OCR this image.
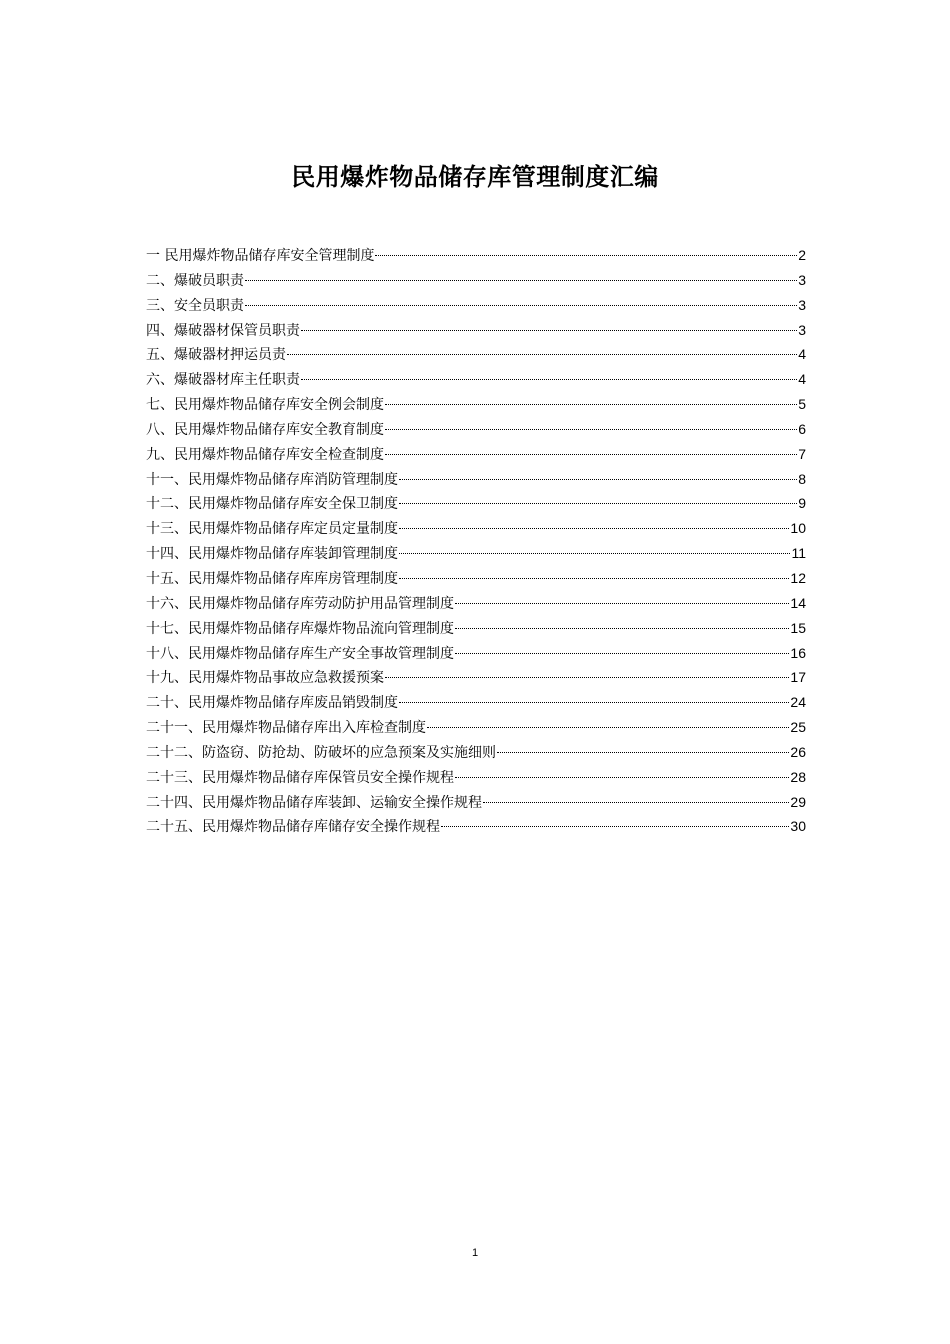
民用爆炸物品储存库管理制度汇编
一 民用爆炸物品储存库安全管理制度	2
二、爆破员职责	3
三、安全员职责	3
四、爆破器材保管员职责	3
五、爆破器材押运员责	4
六、爆破器材库主任职责	4
七、民用爆炸物品储存库安全例会制度	5
八、民用爆炸物品储存库安全教育制度	6
九、民用爆炸物品储存库安全检查制度	7
十一、民用爆炸物品储存库消防管理制度	8
十二、民用爆炸物品储存库安全保卫制度	9
十三、民用爆炸物品储存库定员定量制度	10
十四、民用爆炸物品储存库装卸管理制度	11
十五、民用爆炸物品储存库库房管理制度	12
十六、民用爆炸物品储存库劳动防护用品管理制度	14
十七、民用爆炸物品储存库爆炸物品流向管理制度	15
十八、民用爆炸物品储存库生产安全事故管理制度	16
十九、民用爆炸物品事故应急救援预案	17
二十、民用爆炸物品储存库废品销毁制度	24
二十一、民用爆炸物品储存库出入库检查制度	25
二十二、防盗窃、防抢劫、防破坏的应急预案及实施细则	26
二十三、民用爆炸物品储存库保管员安全操作规程	28
二十四、民用爆炸物品储存库装卸、运输安全操作规程	29
二十五、民用爆炸物品储存库储存安全操作规程	30
1
